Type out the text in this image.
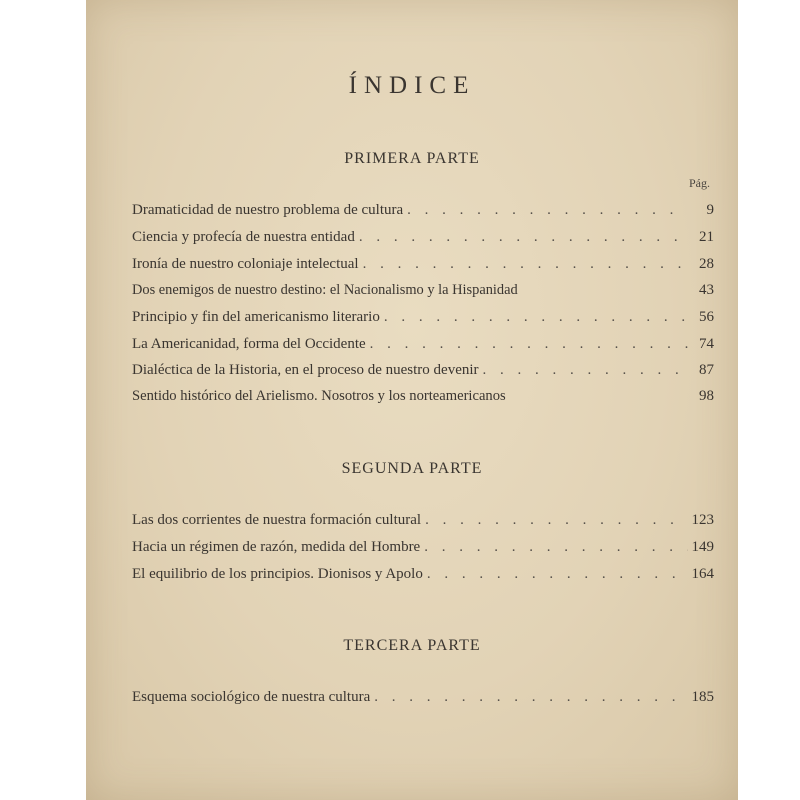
ÍNDICE
PRIMERA PARTE
Pág.
Dramaticidad de nuestro problema de cultura . . .	9
Ciencia y profecía de nuestra entidad . . .	21
Ironía de nuestro coloniaje intelectual . . .	28
Dos enemigos de nuestro destino: el Nacionalismo y la Hispanidad	43
Principio y fin del americanismo literario . . .	56
La Americanidad, forma del Occidente . . .	74
Dialéctica de la Historia, en el proceso de nuestro devenir . . .	87
Sentido histórico del Arielismo. Nosotros y los norteamericanos	98
SEGUNDA PARTE
Las dos corrientes de nuestra formación cultural . . .	123
Hacia un régimen de razón, medida del Hombre . . .	149
El equilibrio de los principios. Dionisos y Apolo . . .	164
TERCERA PARTE
Esquema sociológico de nuestra cultura . . .	185
